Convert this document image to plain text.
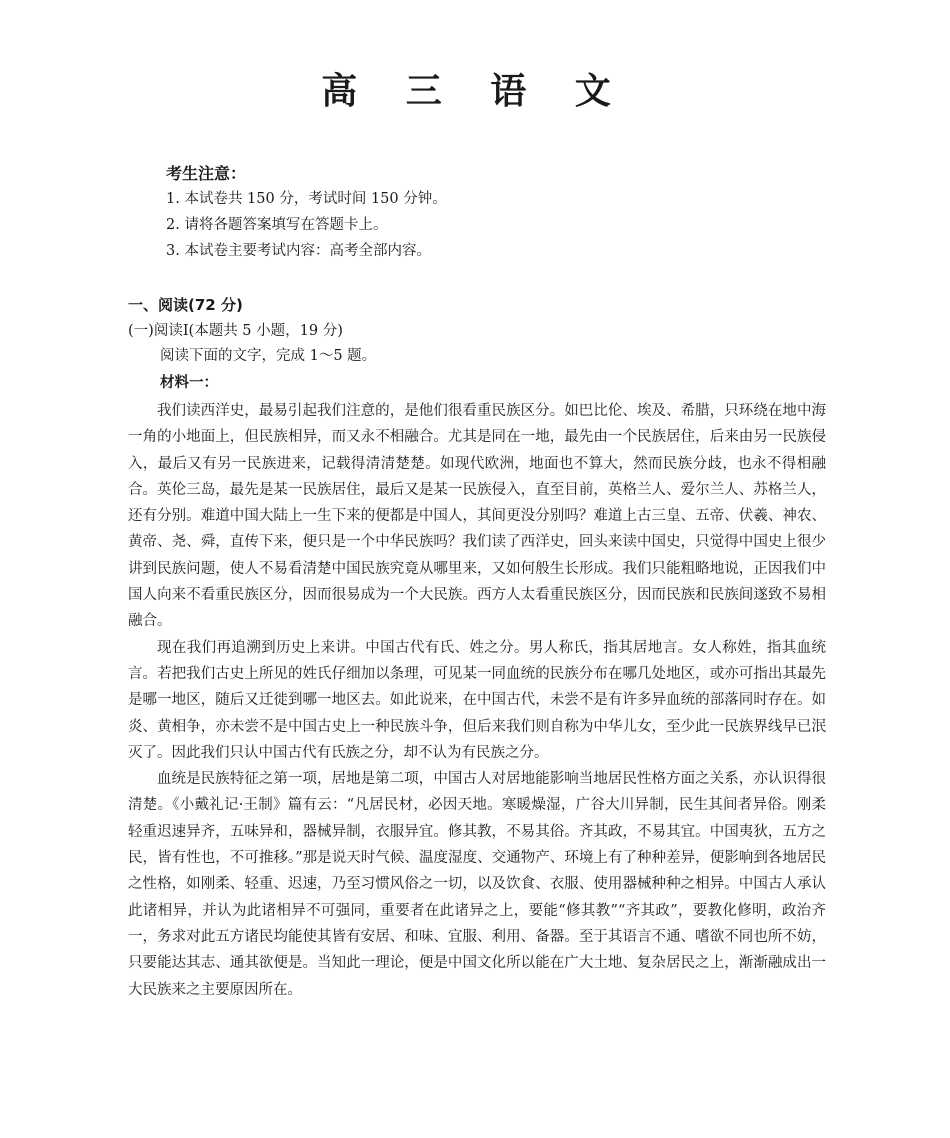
高 三 语 文
考生注意：
1. 本试卷共 150 分，考试时间 150 分钟。
2. 请将各题答案填写在答题卡上。
3. 本试卷主要考试内容：高考全部内容。
一、阅读(72 分)
(一)阅读Ⅰ(本题共 5 小题，19 分)
阅读下面的文字，完成 1～5 题。
材料一：

我们读西洋史，最易引起我们注意的，是他们很看重民族区分。如巴比伦、埃及、希腊，只环绕在地中海一角的小地面上，但民族相异，而又永不相融合。尤其是同在一地，最先由一个民族居住，后来由另一民族侵入，最后又有另一民族进来，记载得清清楚楚。如现代欧洲，地面也不算大，然而民族分歧，也永不得相融合。英伦三岛，最先是某一民族居住，最后又是某一民族侵入，直至目前，英格兰人、爱尔兰人、苏格兰人，还有分别。难道中国大陆上一生下来的便都是中国人，其间更没分别吗？难道上古三皇、五帝、伏羲、神农、黄帝、尧、舜，直传下来，便只是一个中华民族吗？我们读了西洋史，回头来读中国史，只觉得中国史上很少讲到民族问题，使人不易看清楚中国民族究竟从哪里来，又如何般生长形成。我们只能粗略地说，正因我们中国人向来不看重民族区分，因而很易成为一个大民族。西方人太看重民族区分，因而民族和民族间遂致不易相融合。

现在我们再追溯到历史上来讲。中国古代有氏、姓之分。男人称氏，指其居地言。女人称姓，指其血统言。若把我们古史上所见的姓氏仔细加以条理，可见某一同血统的民族分布在哪几处地区，或亦可指出其最先是哪一地区，随后又迁徙到哪一地区去。如此说来，在中国古代，未尝不是有许多异血统的部落同时存在。如炎、黄相争，亦未尝不是中国古史上一种民族斗争，但后来我们则自称为中华儿女，至少此一民族界线早已泯灭了。因此我们只认中国古代有氏族之分，却不认为有民族之分。

血统是民族特征之第一项，居地是第二项，中国古人对居地能影响当地居民性格方面之关系，亦认识得很清楚。《小戴礼记·王制》篇有云：“凡居民材，必因天地。寒暖燥湿，广谷大川异制，民生其间者异俗。刚柔轻重迟速异齐，五味异和，器械异制，衣服异宜。修其教，不易其俗。齐其政，不易其宜。中国夷狄，五方之民，皆有性也，不可推移。”那是说天时气候、温度湿度、交通物产、环境上有了种种差异，便影响到各地居民之性格，如刚柔、轻重、迟速，乃至习惯风俗之一切，以及饮食、衣服、使用器械种种之相异。中国古人承认此诸相异，并认为此诸相异不可强同，重要者在此诸异之上，要能“修其教”“齐其政”，要教化修明，政治齐一，务求对此五方诸民均能使其皆有安居、和味、宜服、利用、备器。至于其语言不通、嗜欲不同也所不妨，只要能达其志、通其欲便是。当知此一理论，便是中国文化所以能在广大土地、复杂居民之上，渐渐融成出一大民族来之主要原因所在。
